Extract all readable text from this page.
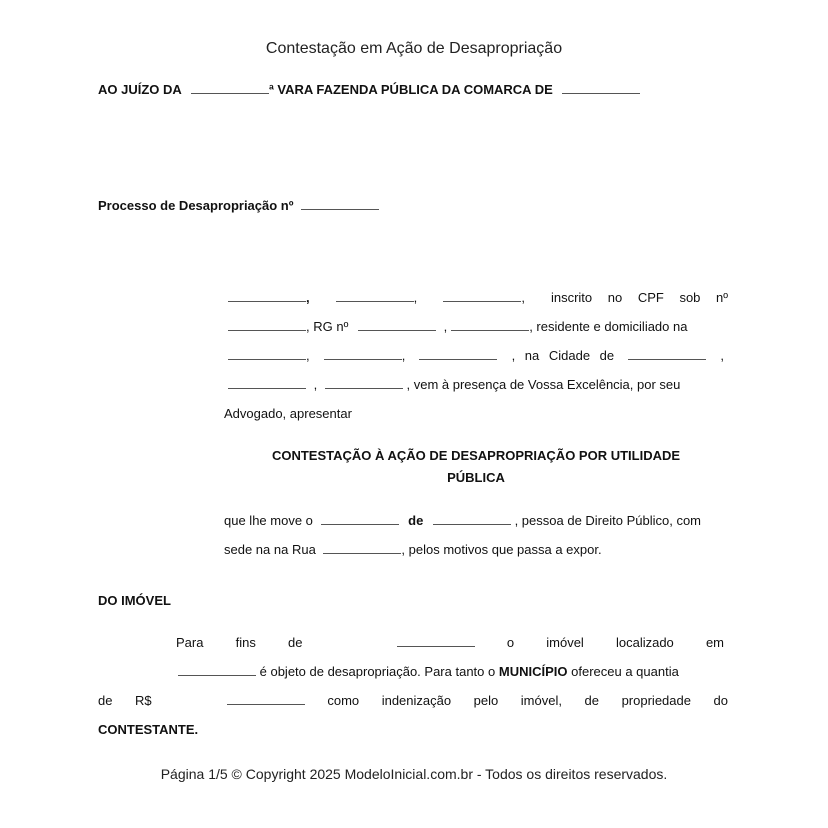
Contestação em Ação de Desapropriação
AO JUÍZO DA	ª VARA FAZENDA PÚBLICA DA COMARCA DE
Processo de Desapropriação nº
,	,	, inscrito no CPF sob nº
, RG nº	,	, residente e domiciliado na
,	,	, na Cidade de	,
,	, vem à presença de Vossa Excelência, por seu
Advogado, apresentar
CONTESTAÇÃO À AÇÃO DE DESAPROPRIAÇÃO POR UTILIDADE
PÚBLICA
que lhe move o	de	, pessoa de Direito Público, com
sede na na Rua	, pelos motivos que passa a expor.
DO IMÓVEL
Para fins de	o imóvel localizado em
é objeto de desapropriação. Para tanto o MUNICÍPIO ofereceu a quantia
de R$	como indenização pelo imóvel, de propriedade do
CONTESTANTE.
Página 1/5 © Copyright 2025 ModeloInicial.com.br - Todos os direitos reservados.
